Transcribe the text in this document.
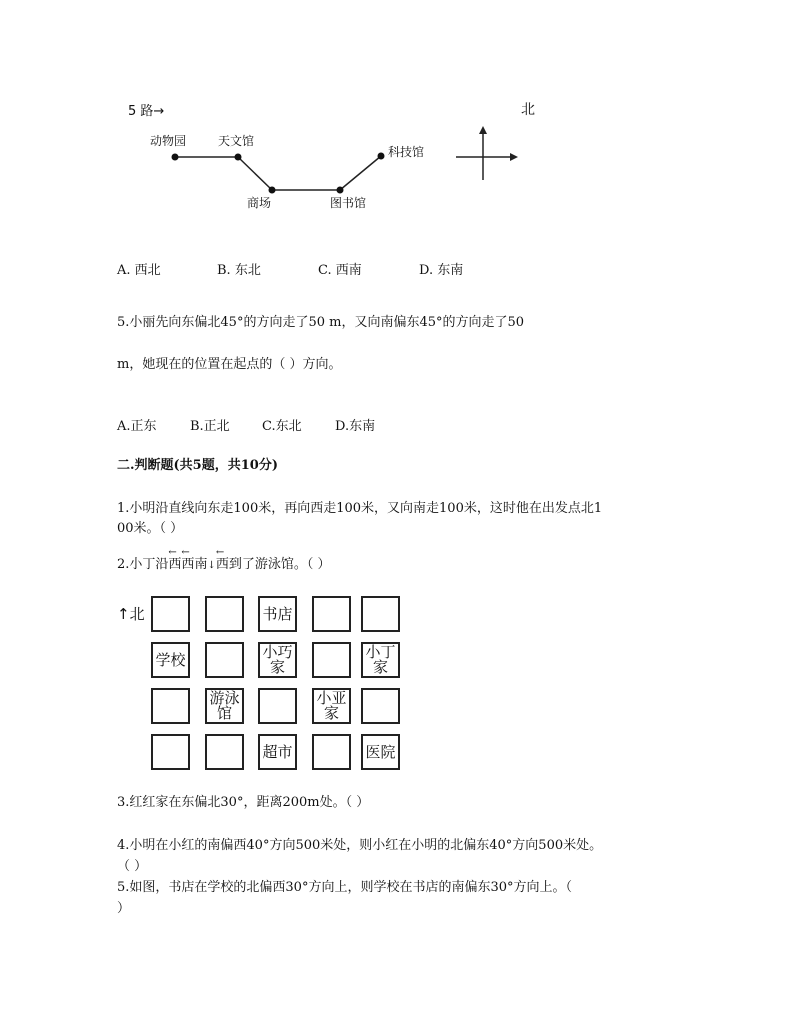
5 路→	北
动物园	天文馆
商场	图书馆
科技馆
A. 西北	B. 东北	C. 西南	D. 东南
5.小丽先向东偏北45°的方向走了50 m，又向南偏东45°的方向走了50
m，她现在的位置在起点的（ ）方向。
A.正东	B.正北 C.东北	D.东南
二.判断题(共5题，共10分)
1.小明沿直线向东走100米，再向西走100米，又向南走100米，这时他在出发点北1
00米。（ ）
2.小丁沿
←
西
←
西南↓
←
西到了游泳馆。（ ）
↑北	书店
学校	小巧
家
小丁
家
游泳
馆
小亚
家
超市	医院
3.红红家在东偏北30°，距离200m处。（ ）
4.小明在小红的南偏西40°方向500米处，则小红在小明的北偏东40°方向500米处。
（ ）
5.如图，书店在学校的北偏西30°方向上，则学校在书店的南偏东30°方向上。（
）
